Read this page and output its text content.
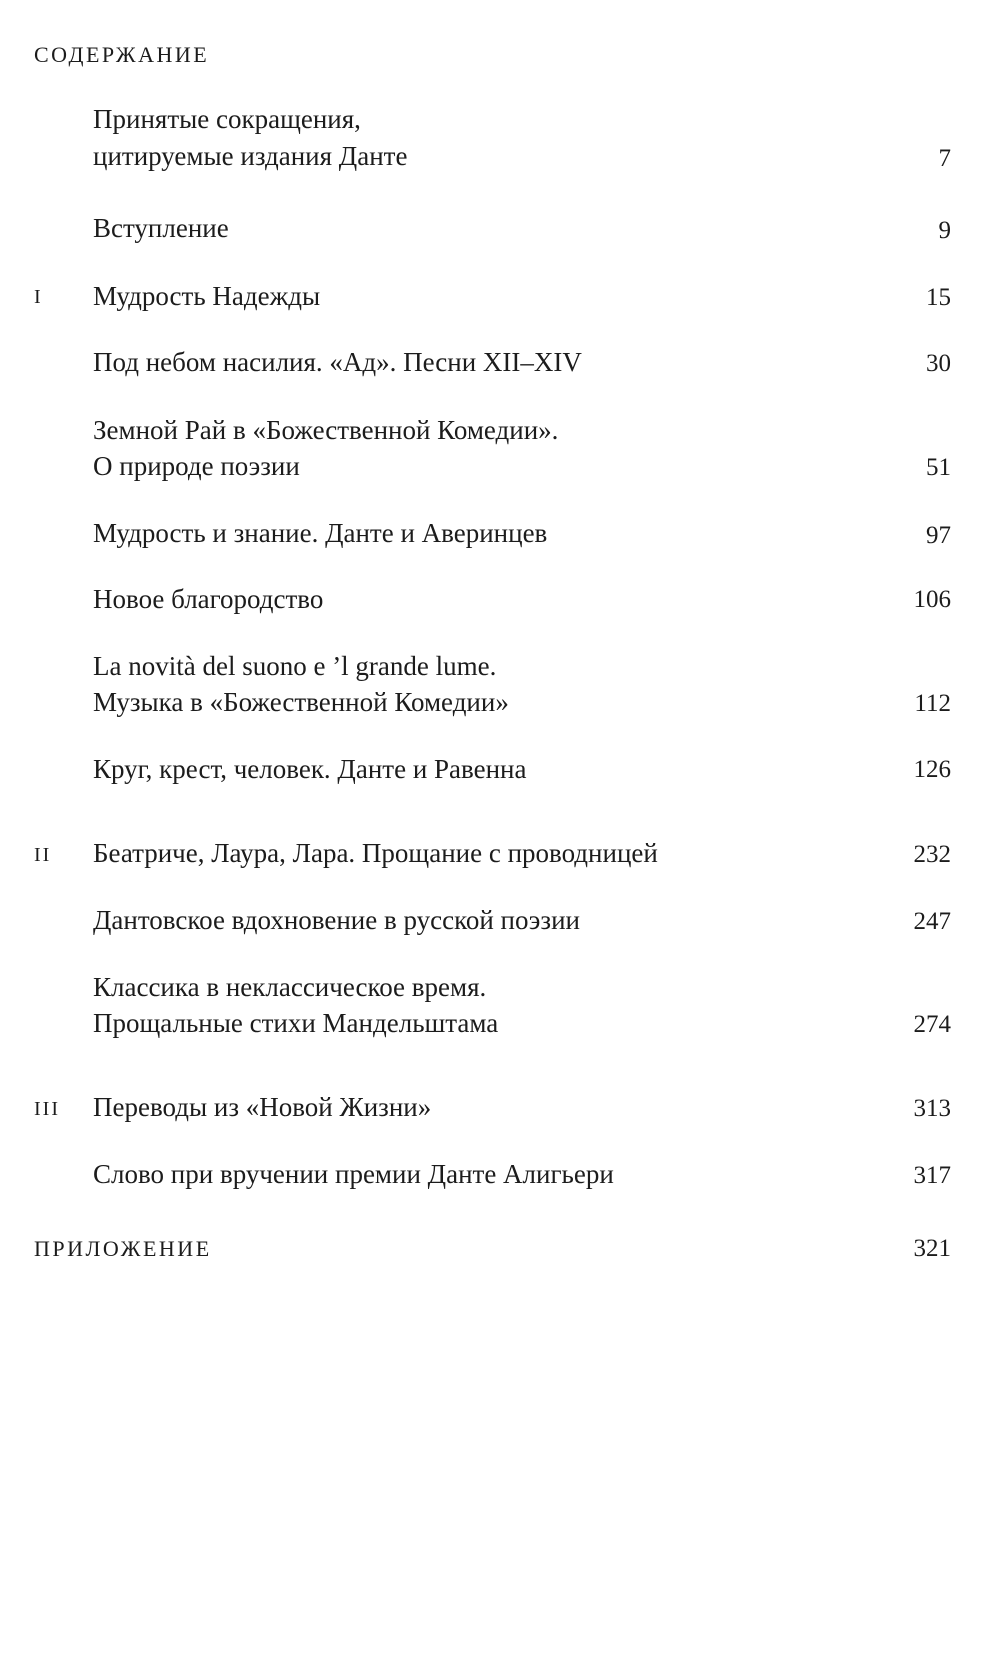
СОДЕРЖАНИЕ
Принятые сокращения,
цитируемые издания Данте	7
Вступление	9
I Мудрость Надежды	15
Под небом насилия. «Ад». Песни XII–XIV	30
Земной Рай в «Божественной Комедии».
О природе поэзии	51
Мудрость и знание. Данте и Аверинцев	97
Новое благородство	106
La novità del suono e ’l grande lume.
Музыка в «Божественной Комедии»	112
Круг, крест, человек. Данте и Равенна	126
II Беатриче, Лаура, Лара. Прощание с проводницей	232
Дантовское вдохновение в русской поэзии	247
Классика в неклассическое время.
Прощальные стихи Мандельштама	274
III Переводы из «Новой Жизни»	313
Слово при вручении премии Данте Алигьери	317
ПРИЛОЖЕНИЕ	321
